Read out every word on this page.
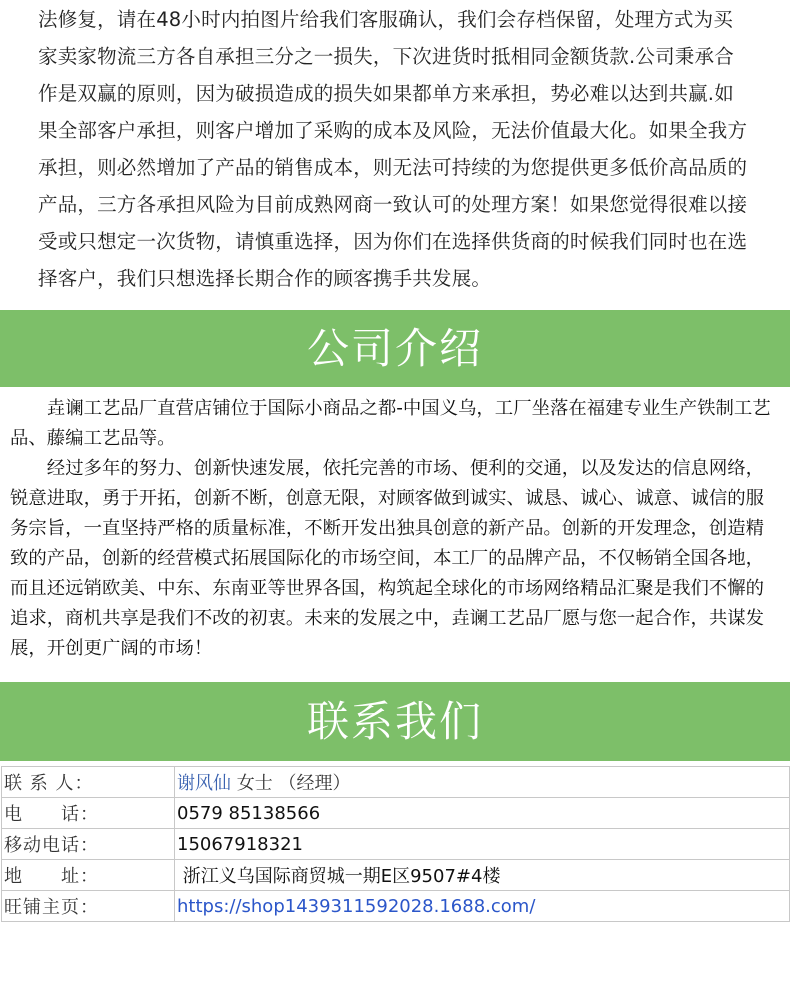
法修复，请在48小时内拍图片给我们客服确认，我们会存档保留，处理方式为买
家卖家物流三方各自承担三分之一损失，下次进货时抵相同金额货款.公司秉承合
作是双赢的原则，因为破损造成的损失如果都单方来承担，势必难以达到共赢.如
果全部客户承担，则客户增加了采购的成本及风险，无法价值最大化。如果全我方
承担，则必然增加了产品的销售成本，则无法可持续的为您提供更多低价高品质的
产品，三方各承担风险为目前成熟网商一致认可的处理方案！如果您觉得很难以接
受或只想定一次货物，请慎重选择，因为你们在选择供货商的时候我们同时也在选
择客户，我们只想选择长期合作的顾客携手共发展。
公司介绍

垚谰工艺品厂直营店铺位于国际小商品之都-中国义乌，工厂坐落在福建专业生产铁制工艺品、藤编工艺品等。

经过多年的努力、创新快速发展，依托完善的市场、便利的交通，以及发达的信息网络，锐意进取，勇于开拓，创新不断，创意无限，对顾客做到诚实、诚恳、诚心、诚意、诚信的服务宗旨，一直坚持严格的质量标准，不断开发出独具创意的新产品。创新的开发理念，创造精致的产品，创新的经营模式拓展国际化的市场空间，本工厂的品牌产品，不仅畅销全国各地，而且还远销欧美、中东、东南亚等世界各国，构筑起全球化的市场网络精品汇聚是我们不懈的追求，商机共享是我们不改的初衷。未来的发展之中，垚谰工艺品厂愿与您一起合作，共谋发展，开创更广阔的市场！

联系我们
联 系 人：	谢风仙 女士 （经理）
电　　话：	0579 85138566
移动电话：	15067918321
地　　址：	浙江义乌国际商贸城一期E区9507#4楼
旺铺主页：	https://shop1439311592028.1688.com/
